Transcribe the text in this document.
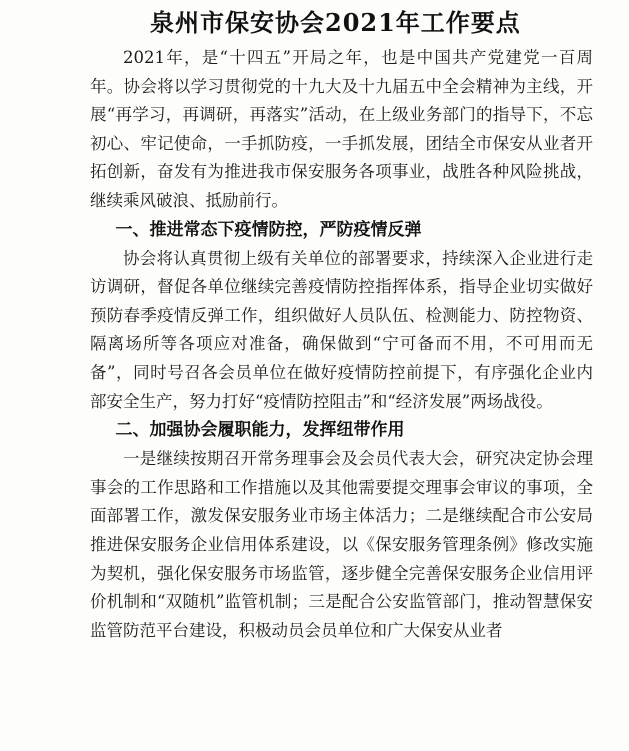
泉州市保安协会2021年工作要点

2021年，是“十四五”开局之年，也是中国共产党建党一百周年。协会将以学习贯彻党的十九大及十九届五中全会精神为主线，开展“再学习，再调研，再落实”活动，在上级业务部门的指导下，不忘初心、牢记使命，一手抓防疫，一手抓发展，团结全市保安从业者开拓创新，奋发有为推进我市保安服务各项事业，战胜各种风险挑战，继续乘风破浪、抵励前行。

一、推进常态下疫情防控，严防疫情反弹

协会将认真贯彻上级有关单位的部署要求，持续深入企业进行走访调研，督促各单位继续完善疫情防控指挥体系，指导企业切实做好预防春季疫情反弹工作，组织做好人员队伍、检测能力、防控物资、隔离场所等各项应对准备，确保做到“宁可备而不用，不可用而无备”，同时号召各会员单位在做好疫情防控前提下，有序强化企业内部安全生产，努力打好“疫情防控阻击”和“经济发展”两场战役。

二、加强协会履职能力，发挥纽带作用

一是继续按期召开常务理事会及会员代表大会，研究决定协会理事会的工作思路和工作措施以及其他需要提交理事会审议的事项，全面部署工作，激发保安服务业市场主体活力；二是继续配合市公安局推进保安服务企业信用体系建设，以《保安服务管理条例》修改实施为契机，强化保安服务市场监管，逐步健全完善保安服务企业信用评价机制和“双随机”监管机制；三是配合公安监管部门，推动智慧保安监管防范平台建设，积极动员会员单位和广大保安从业者
